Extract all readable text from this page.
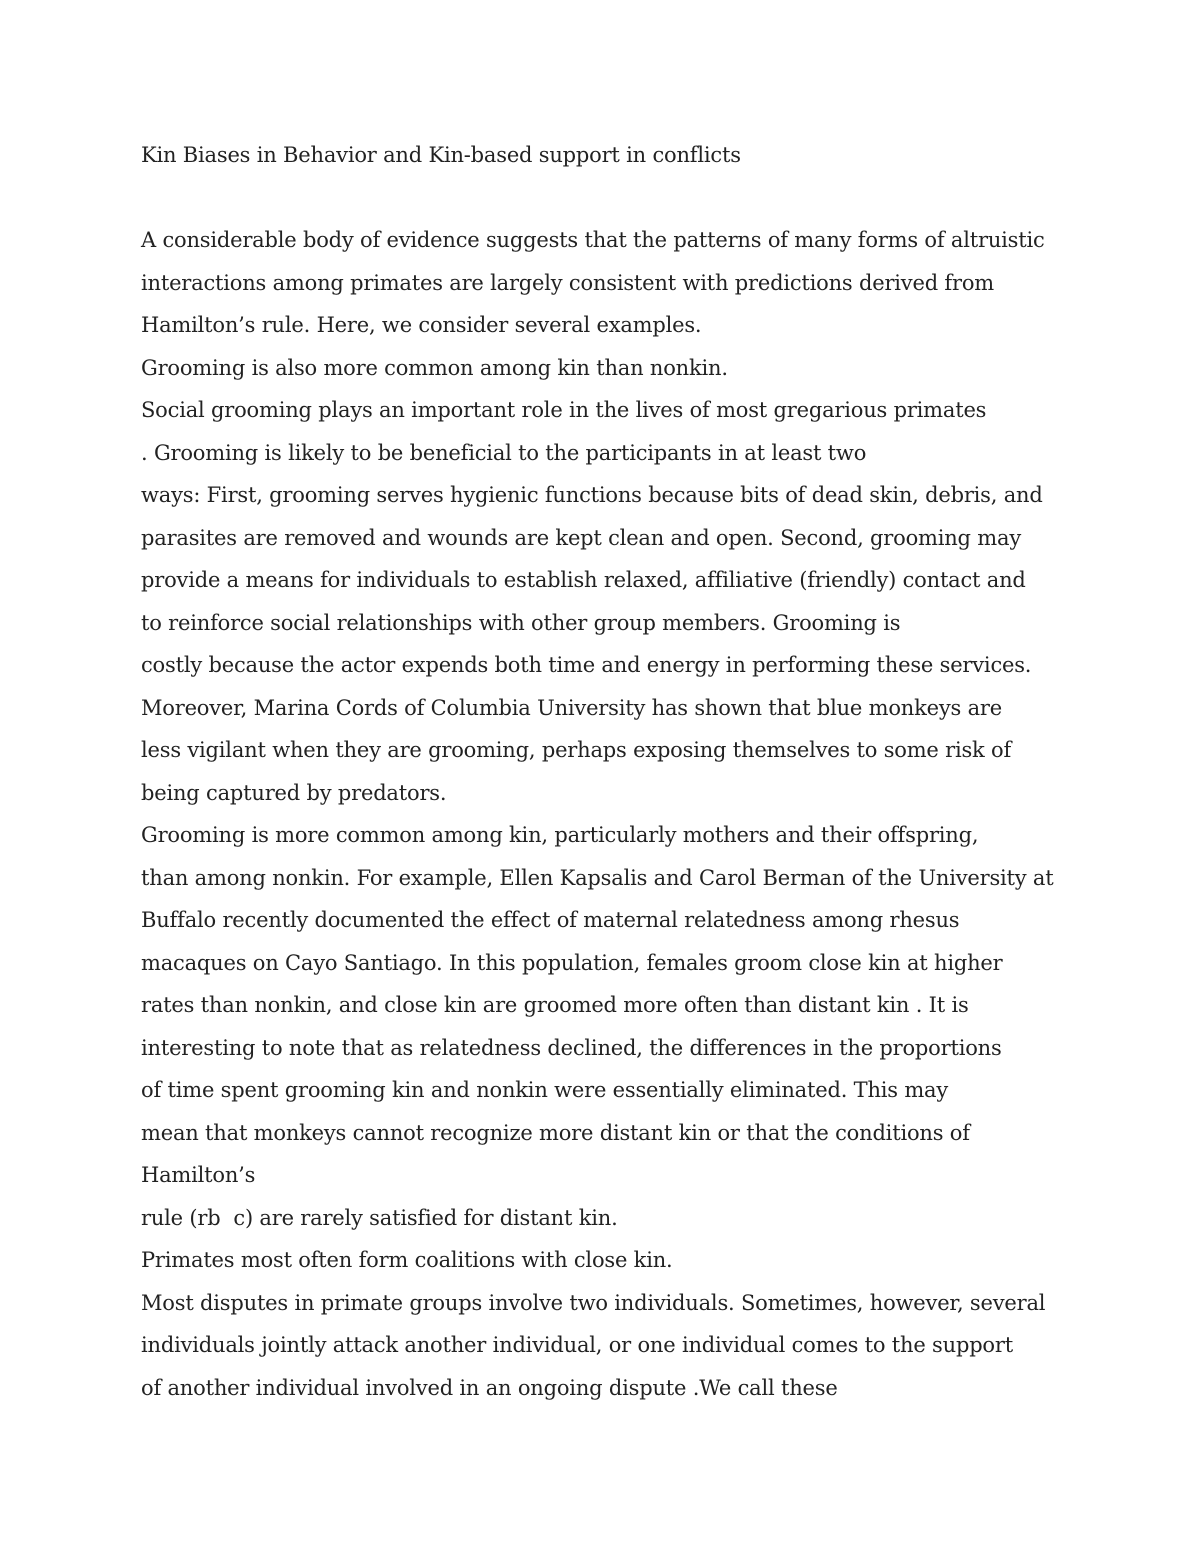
Kin Biases in Behavior and Kin-based support in conflicts
A considerable body of evidence suggests that the patterns of many forms of altruistic
interactions among primates are largely consistent with predictions derived from
Hamilton’s rule. Here, we consider several examples.
Grooming is also more common among kin than nonkin.
Social grooming plays an important role in the lives of most gregarious primates
. Grooming is likely to be beneficial to the participants in at least two
ways: First, grooming serves hygienic functions because bits of dead skin, debris, and
parasites are removed and wounds are kept clean and open. Second, grooming may
provide a means for individuals to establish relaxed, affiliative (friendly) contact and
to reinforce social relationships with other group members. Grooming is
costly because the actor expends both time and energy in performing these services.
Moreover, Marina Cords of Columbia University has shown that blue monkeys are
less vigilant when they are grooming, perhaps exposing themselves to some risk of
being captured by predators.
Grooming is more common among kin, particularly mothers and their offspring,
than among nonkin. For example, Ellen Kapsalis and Carol Berman of the University at
Buffalo recently documented the effect of maternal relatedness among rhesus
macaques on Cayo Santiago. In this population, females groom close kin at higher
rates than nonkin, and close kin are groomed more often than distant kin . It is
interesting to note that as relatedness declined, the differences in the proportions
of time spent grooming kin and nonkin were essentially eliminated. This may
mean that monkeys cannot recognize more distant kin or that the conditions of
Hamilton’s
rule (rb  c) are rarely satisfied for distant kin.
Primates most often form coalitions with close kin.
Most disputes in primate groups involve two individuals. Sometimes, however, several
individuals jointly attack another individual, or one individual comes to the support
of another individual involved in an ongoing dispute .We call these
